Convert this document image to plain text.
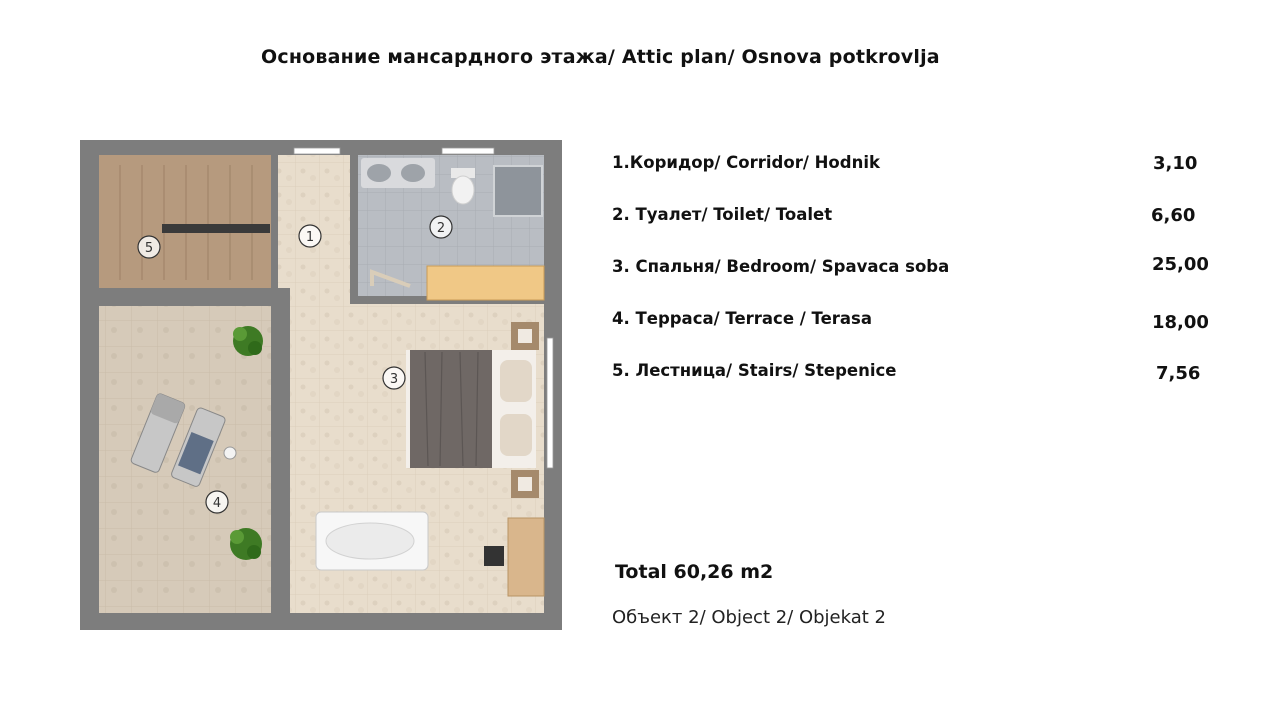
Основание мансардного этажа/ Attic plan/ Osnova potkrovlja
1
2
3
4
5
1.Коридор/ Corridor/ Hodnik	3,10
2. Туалет/ Toilet/ Toalet	6,60
3. Спальня/ Bedroom/ Spavaca soba	25,00
4. Терраса/ Terrace / Terasa	18,00
5. Лестница/ Stairs/ Stepenice	7,56
Total 60,26 m2
Объект 2/ Object 2/ Objekat 2
